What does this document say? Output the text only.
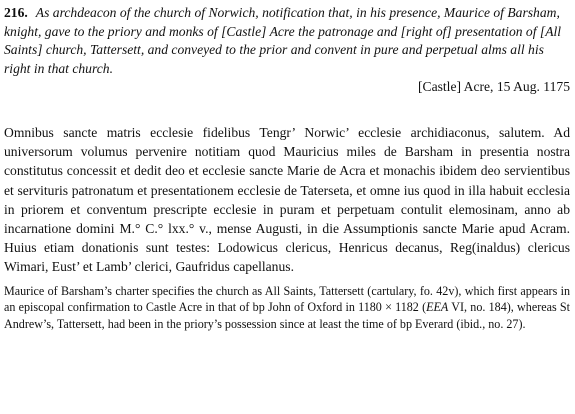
216. As archdeacon of the church of Norwich, notification that, in his presence, Maurice of Barsham, knight, gave to the priory and monks of [Castle] Acre the patronage and [right of] presentation of [All Saints] church, Tattersett, and conveyed to the prior and convent in pure and perpetual alms all his right in that church.
[Castle] Acre, 15 Aug. 1175
Omnibus sancte matris ecclesie fidelibus Tengr’ Norwic’ ecclesie archidiaconus, salutem. Ad universorum volumus pervenire notitiam quod Mauricius miles de Barsham in presentia nostra constitutus concessit et dedit deo et ecclesie sancte Marie de Acra et monachis ibidem deo servientibus et servituris patronatum et presentationem ecclesie de Taterseta, et omne ius quod in illa habuit ecclesia in priorem et conventum prescripte ecclesie in puram et perpetuam contulit elemosinam, anno ab incarnatione domini M.° C.° lxx.° v., mense Augusti, in die Assumptionis sancte Marie apud Acram. Huius etiam donationis sunt testes: Lodowicus clericus, Henricus decanus, Reg(inaldus) clericus Wimari, Eust’ et Lamb’ clerici, Gaufridus capellanus.
Maurice of Barsham’s charter specifies the church as All Saints, Tattersett (cartulary, fo. 42v), which first appears in an episcopal confirmation to Castle Acre in that of bp John of Oxford in 1180 × 1182 (EEA VI, no. 184), whereas St Andrew’s, Tattersett, had been in the priory’s possession since at least the time of bp Everard (ibid., no. 27).
